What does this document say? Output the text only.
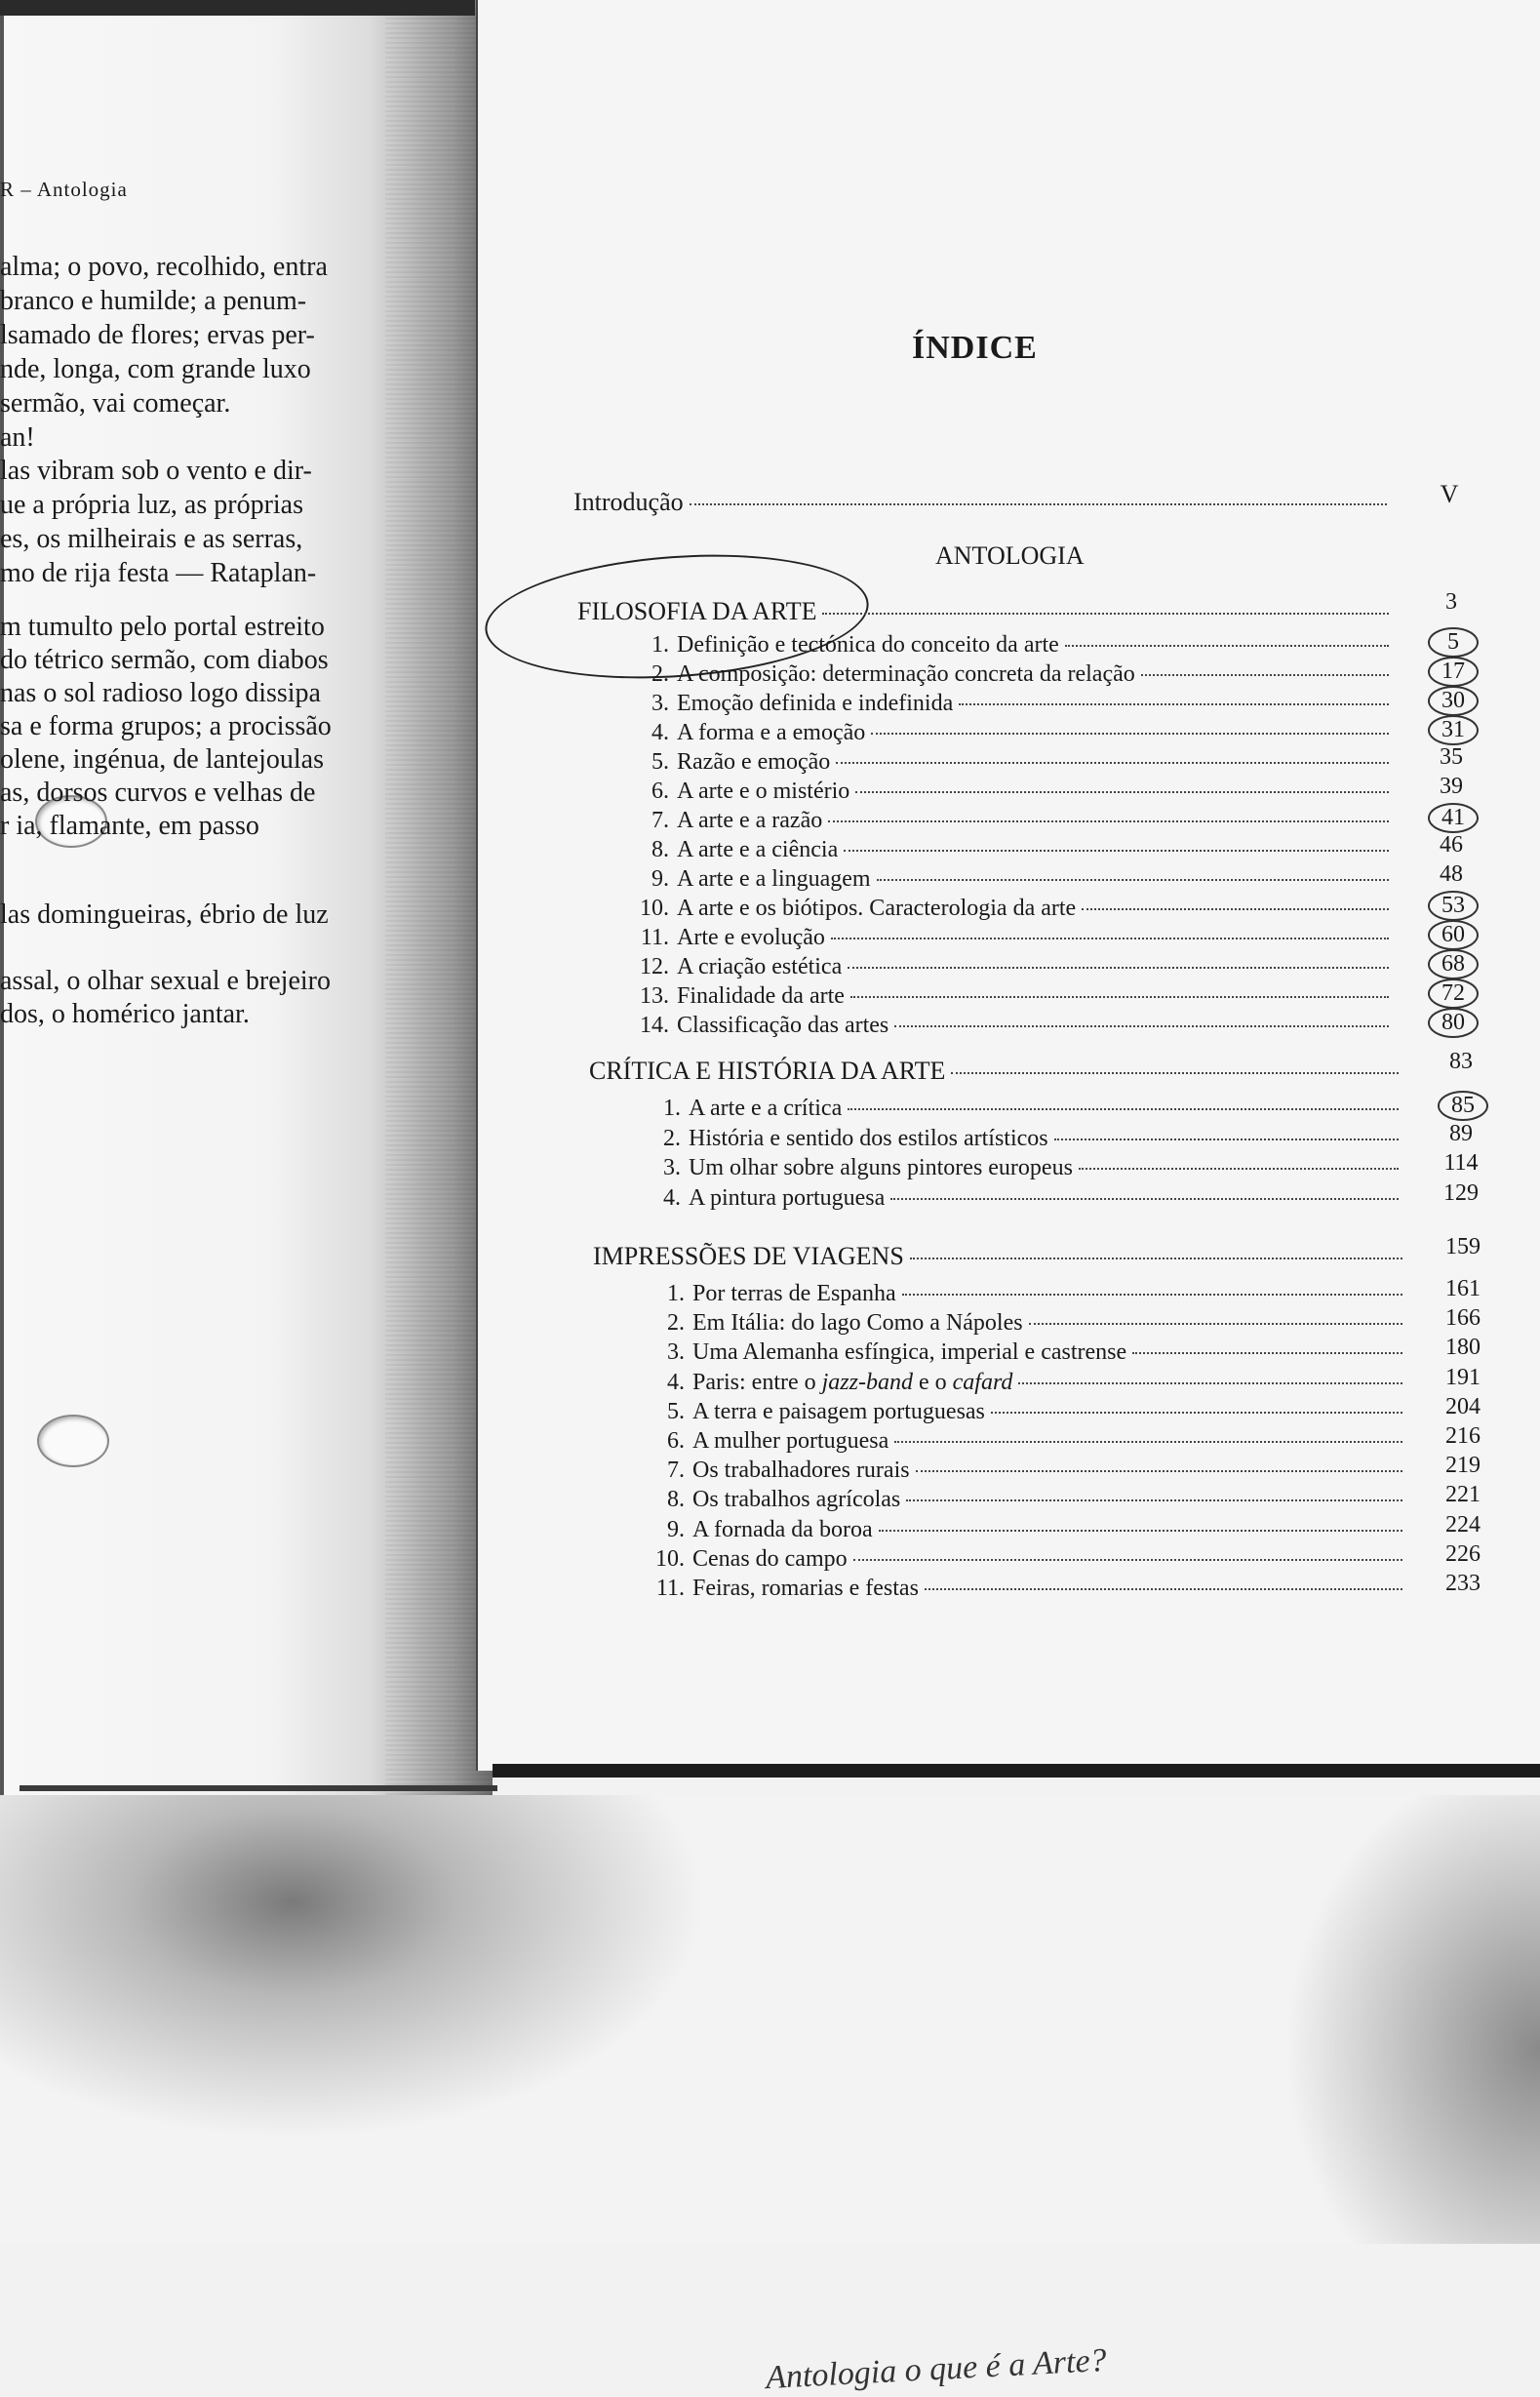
R – Antologia
alma; o povo, recolhido, entra
branco e humilde; a penum-
lsamado de flores; ervas per-
nde, longa, com grande luxo
sermão, vai começar.
an!
las vibram sob o vento e dir-
ue a própria luz, as próprias
es, os milheirais e as serras,
mo de rija festa — Rataplan-
m tumulto pelo portal estreito
do tétrico sermão, com diabos
nas o sol radioso logo dissipa
sa e forma grupos; a procissão
olene, ingénua, de lantejoulas
as, dorsos curvos e velhas de
r ia, flamante, em passo
las domingueiras, ébrio de luz
assal, o olhar sexual e brejeiro
dos, o homérico jantar.
ÍNDICE
Introdução	V
ANTOLOGIA
FILOSOFIA DA ARTE	3
1. Definição e tectónica do conceito da arte	5
2. A composição: determinação concreta da relação	17
3. Emoção definida e indefinida	30
4. A forma e a emoção	31
5. Razão e emoção	35
6. A arte e o mistério	39
7. A arte e a razão	41
8. A arte e a ciência	46
9. A arte e a linguagem	48
10. A arte e os biótipos. Caracterologia da arte	53
11. Arte e evolução	60
12. A criação estética	68
13. Finalidade da arte	72
14. Classificação das artes	80
CRÍTICA E HISTÓRIA DA ARTE	83
1. A arte e a crítica	85
2. História e sentido dos estilos artísticos	89
3. Um olhar sobre alguns pintores europeus	114
4. A pintura portuguesa	129
IMPRESSÕES DE VIAGENS	159
1. Por terras de Espanha	161
2. Em Itália: do lago Como a Nápoles	166
3. Uma Alemanha esfíngica, imperial e castrense	180
4. Paris: entre o jazz-band e o cafard	191
5. A terra e paisagem portuguesas	204
6. A mulher portuguesa	216
7. Os trabalhadores rurais	219
8. Os trabalhos agrícolas	221
9. A fornada da boroa	224
10. Cenas do campo	226
11. Feiras, romarias e festas	233
Antologia o que é a Arte?
